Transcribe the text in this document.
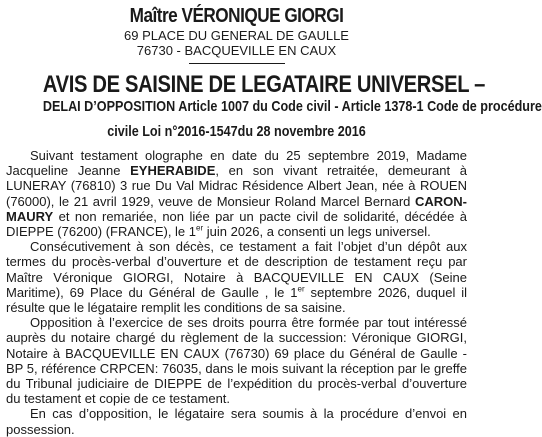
Maître VÉRONIQUE GIORGI
69 PLACE DU GENERAL DE GAULLE
76730 - BACQUEVILLE EN CAUX
AVIS DE SAISINE DE LEGATAIRE UNIVERSEL –
DELAI D’OPPOSITION Article 1007 du Code civil - Article 1378-1 Code de procédure
civile Loi n°2016-1547du 28 novembre 2016

Suivant testament olographe en date du 25 septembre 2019, Madame Jacqueline Jeanne EYHERABIDE, en son vivant retraitée, demeurant à LUNERAY (76810) 3 rue Du Val Midrac Résidence Albert Jean, née à ROUEN (76000), le 21 avril 1929, veuve de Monsieur Roland Marcel Bernard CARON-MAURY et non remariée, non liée par un pacte civil de solidarité, décédée à DIEPPE (76200) (FRANCE), le 1er juin 2026, a consenti un legs universel.

Consécutivement à son décès, ce testament a fait l’objet d’un dépôt aux termes du procès-verbal d’ouverture et de description de testament reçu par Maître Véronique GIORGI, Notaire à BACQUEVILLE EN CAUX (Seine Maritime), 69 Place du Général de Gaulle , le 1er septembre 2026, duquel il résulte que le légataire remplit les conditions de sa saisine.

Opposition à l’exercice de ses droits pourra être formée par tout intéressé auprès du notaire chargé du règlement de la succession: Véronique GIORGI, Notaire à BACQUEVILLE EN CAUX (76730) 69 place du Général de Gaulle - BP 5, référence CRPCEN: 76035, dans le mois suivant la réception par le greffe du Tribunal judiciaire de DIEPPE de l’expédition du procès-verbal d’ouverture du testament et copie de ce testament.

En cas d’opposition, le légataire sera soumis à la procédure d’envoi en possession.
